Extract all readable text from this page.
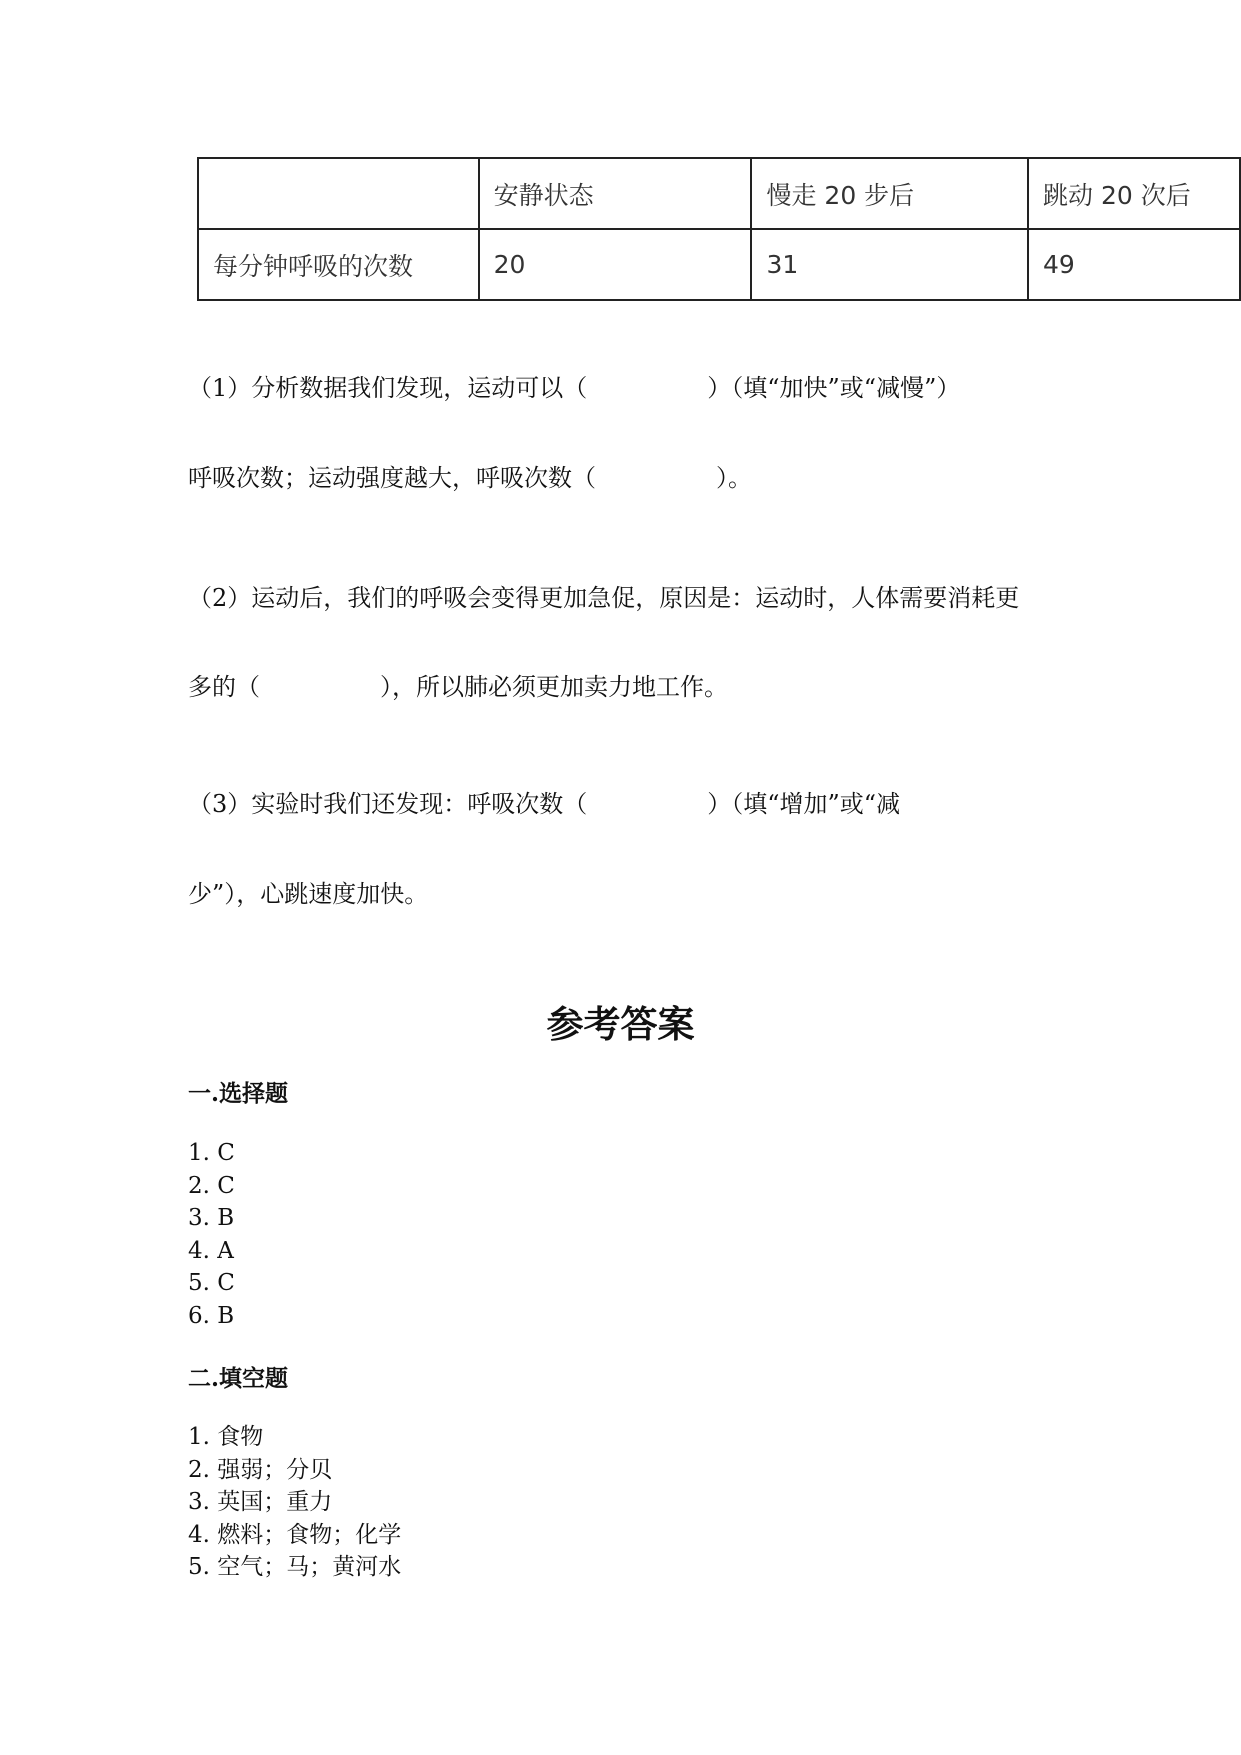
	安静状态	慢走 20 步后	跳动 20 次后
每分钟呼吸的次数	20	31	49

（1）分析数据我们发现，运动可以（　　　　　）（填“加快”或“减慢”）

呼吸次数；运动强度越大，呼吸次数（　　　　　）。

（2）运动后，我们的呼吸会变得更加急促，原因是：运动时，人体需要消耗更

多的（　　　　　），所以肺必须更加卖力地工作。

（3）实验时我们还发现：呼吸次数（　　　　　）（填“增加”或“减

少”），心跳速度加快。

参考答案
一.选择题
1. C
2. C
3. B
4. A
5. C
6. B
二.填空题
1. 食物
2. 强弱；分贝
3. 英国；重力
4. 燃料；食物；化学
5. 空气；马；黄河水
